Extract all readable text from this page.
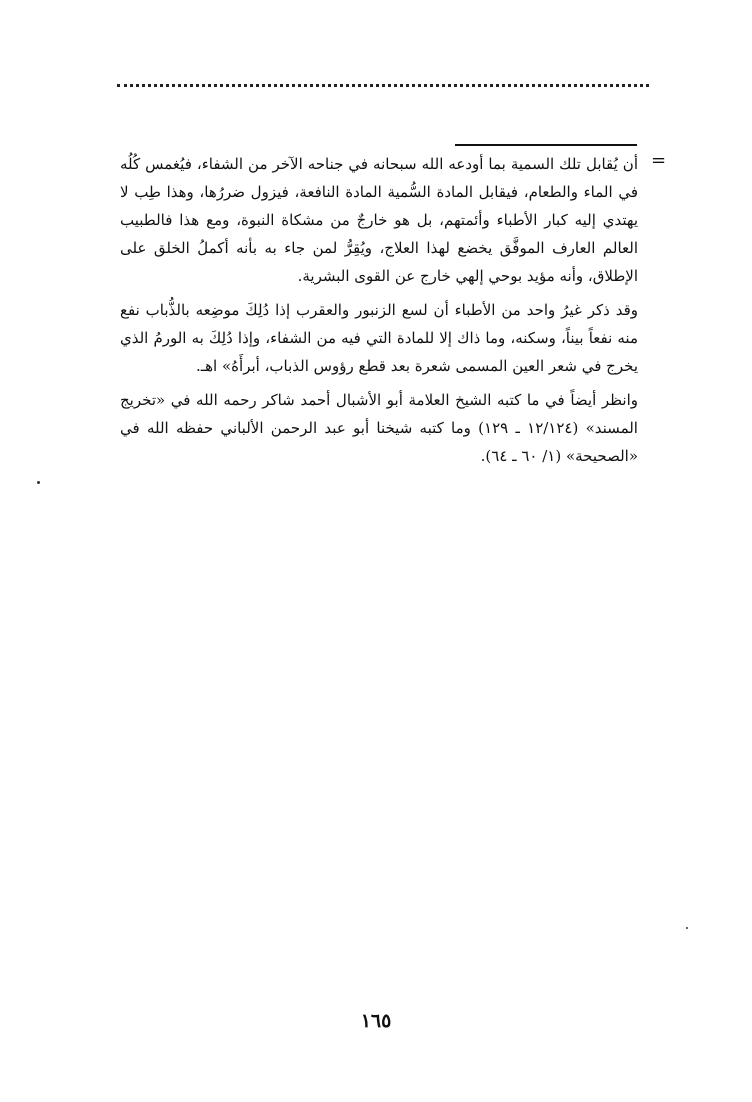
=

أن يُقابل تلك السمية بما أودعه الله سبحانه في جناحه الآخر من الشفاء، فيُغمس كُلُه في الماء والطعام، فيقابل المادة السُّمية المادة النافعة، فيزول ضررُها، وهذا طِب لا يهتدي إليه كبار الأطباء وأئمتهم، بل هو خارجٌ من مشكاة النبوة، ومع هذا فالطبيب العالم العارف الموفَّق يخضع لهذا العلاج، ويُقِرُّ لمن جاء به بأنه أكملُ الخلق على الإطلاق، وأنه مؤيد بوحي إلهي خارج عن القوى البشرية.

وقد ذكر غيرُ واحد من الأطباء أن لسع الزنبور والعقرب إذا دُلِكَ موضِعه بالذُّباب نفع منه نفعاً بيناً، وسكنه، وما ذاك إلا للمادة التي فيه من الشفاء، وإذا دُلِكَ به الورمُ الذي يخرج في شعر العين المسمى شعرة بعد قطع رؤوس الذباب، أبرأَهُ» اهـ.

وانظر أيضاً في ما كتبه الشيخ العلامة أبو الأشبال أحمد شاكر رحمه الله في «تخريج المسند» (١٢/١٢٤ ـ ١٢٩) وما كتبه شيخنا أبو عبد الرحمن الألباني حفظه الله في «الصحيحة» (١/ ٦٠ ـ ٦٤).

١٦٥
